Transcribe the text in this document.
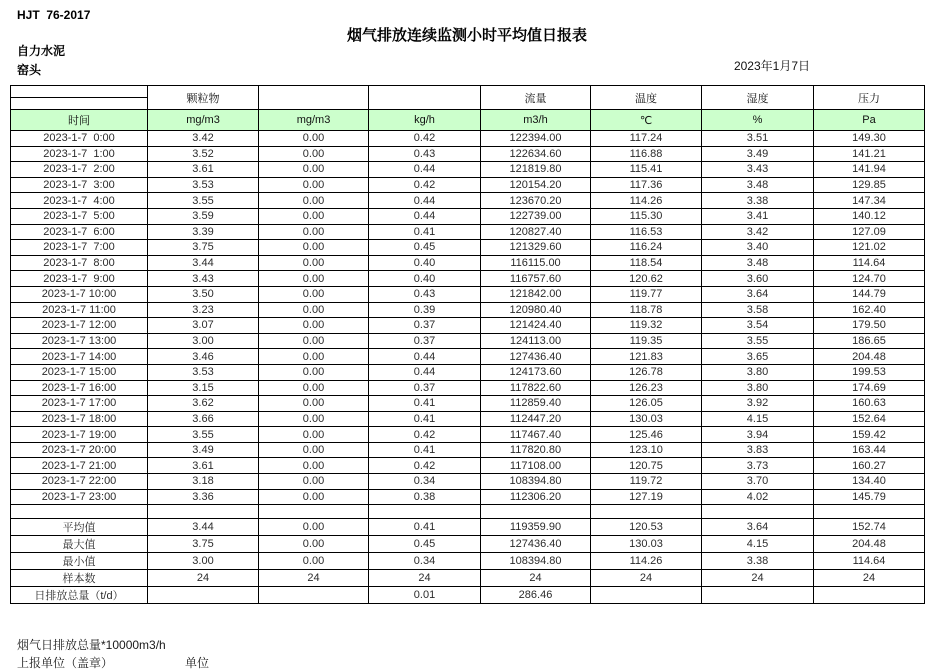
HJT  76-2017
烟气排放连续监测小时平均值日报表
自力水泥
窑头	2023年1月7日
	颗粒物			流量	温度	湿度	压力

时间	mg/m3	mg/m3	kg/h	m3/h	℃	%	Pa
2023-1-7  0:00	3.42	0.00	0.42	122394.00	117.24	3.51	149.30
2023-1-7  1:00	3.52	0.00	0.43	122634.60	116.88	3.49	141.21
2023-1-7  2:00	3.61	0.00	0.44	121819.80	115.41	3.43	141.94
2023-1-7  3:00	3.53	0.00	0.42	120154.20	117.36	3.48	129.85
2023-1-7  4:00	3.55	0.00	0.44	123670.20	114.26	3.38	147.34
2023-1-7  5:00	3.59	0.00	0.44	122739.00	115.30	3.41	140.12
2023-1-7  6:00	3.39	0.00	0.41	120827.40	116.53	3.42	127.09
2023-1-7  7:00	3.75	0.00	0.45	121329.60	116.24	3.40	121.02
2023-1-7  8:00	3.44	0.00	0.40	116115.00	118.54	3.48	114.64
2023-1-7  9:00	3.43	0.00	0.40	116757.60	120.62	3.60	124.70
2023-1-7 10:00	3.50	0.00	0.43	121842.00	119.77	3.64	144.79
2023-1-7 11:00	3.23	0.00	0.39	120980.40	118.78	3.58	162.40
2023-1-7 12:00	3.07	0.00	0.37	121424.40	119.32	3.54	179.50
2023-1-7 13:00	3.00	0.00	0.37	124113.00	119.35	3.55	186.65
2023-1-7 14:00	3.46	0.00	0.44	127436.40	121.83	3.65	204.48
2023-1-7 15:00	3.53	0.00	0.44	124173.60	126.78	3.80	199.53
2023-1-7 16:00	3.15	0.00	0.37	117822.60	126.23	3.80	174.69
2023-1-7 17:00	3.62	0.00	0.41	112859.40	126.05	3.92	160.63
2023-1-7 18:00	3.66	0.00	0.41	112447.20	130.03	4.15	152.64
2023-1-7 19:00	3.55	0.00	0.42	117467.40	125.46	3.94	159.42
2023-1-7 20:00	3.49	0.00	0.41	117820.80	123.10	3.83	163.44
2023-1-7 21:00	3.61	0.00	0.42	117108.00	120.75	3.73	160.27
2023-1-7 22:00	3.18	0.00	0.34	108394.80	119.72	3.70	134.40
2023-1-7 23:00	3.36	0.00	0.38	112306.20	127.19	4.02	145.79

平均值	3.44	0.00	0.41	119359.90	120.53	3.64	152.74
最大值	3.75	0.00	0.45	127436.40	130.03	4.15	204.48
最小值	3.00	0.00	0.34	108394.80	114.26	3.38	114.64
样本数	24	24	24	24	24	24	24
日排放总量（t/d）			0.01	286.46			
烟气日排放总量*10000m3/h
上报单位（盖章）	单位
